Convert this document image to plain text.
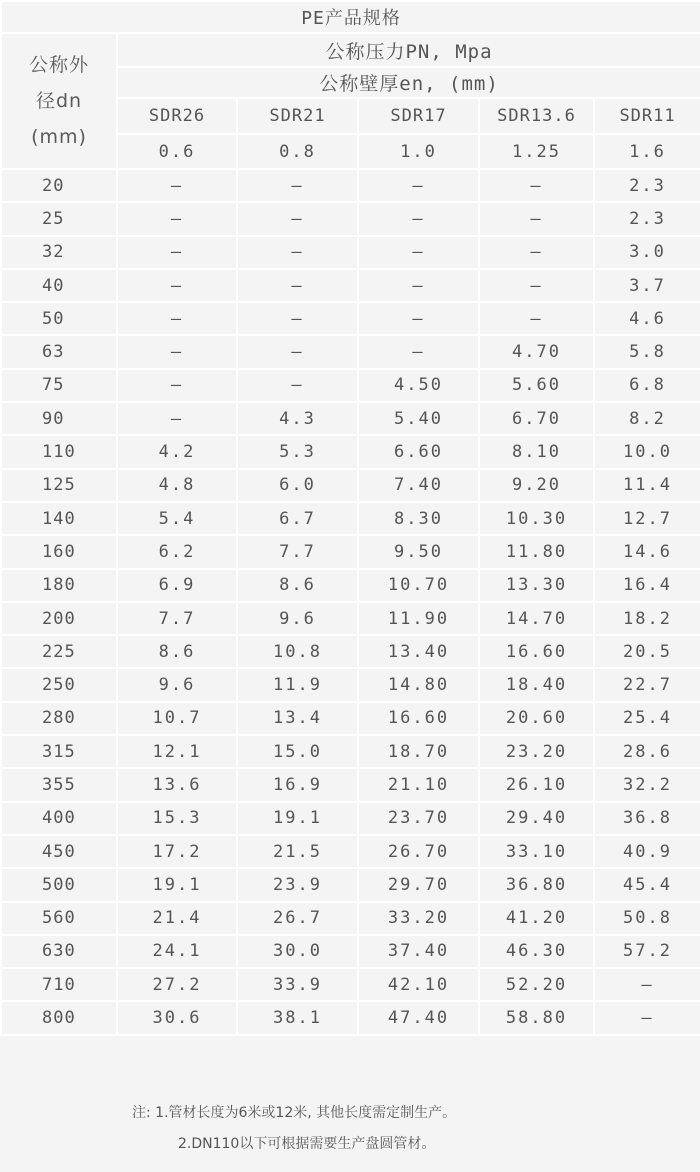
PE产品规格					

公称外
径dn
(mm)	公称压力PN, Mpa				
	公称壁厚en, (mm)				
	SDR26	SDR21	SDR17	SDR13.6	SDR11
	0.6	0.8	1.0	1.25	1.6
20	–	–	–	–	2.3
25	–	–	–	–	2.3
32	–	–	–	–	3.0
40	–	–	–	–	3.7
50	–	–	–	–	4.6
63	–	–	–	4.70	5.8
75	–	–	4.50	5.60	6.8
90	–	4.3	5.40	6.70	8.2
110	4.2	5.3	6.60	8.10	10.0
125	4.8	6.0	7.40	9.20	11.4
140	5.4	6.7	8.30	10.30	12.7
160	6.2	7.7	9.50	11.80	14.6
180	6.9	8.6	10.70	13.30	16.4
200	7.7	9.6	11.90	14.70	18.2
225	8.6	10.8	13.40	16.60	20.5
250	9.6	11.9	14.80	18.40	22.7
280	10.7	13.4	16.60	20.60	25.4
315	12.1	15.0	18.70	23.20	28.6
355	13.6	16.9	21.10	26.10	32.2
400	15.3	19.1	23.70	29.40	36.8
450	17.2	21.5	26.70	33.10	40.9
500	19.1	23.9	29.70	36.80	45.4
560	21.4	26.7	33.20	41.20	50.8
630	24.1	30.0	37.40	46.30	57.2
710	27.2	33.9	42.10	52.20	–
800	30.6	38.1	47.40	58.80	–
注: 1.管材长度为6米或12米, 其他长度需定制生产。
2.DN110以下可根据需要生产盘圆管材。
